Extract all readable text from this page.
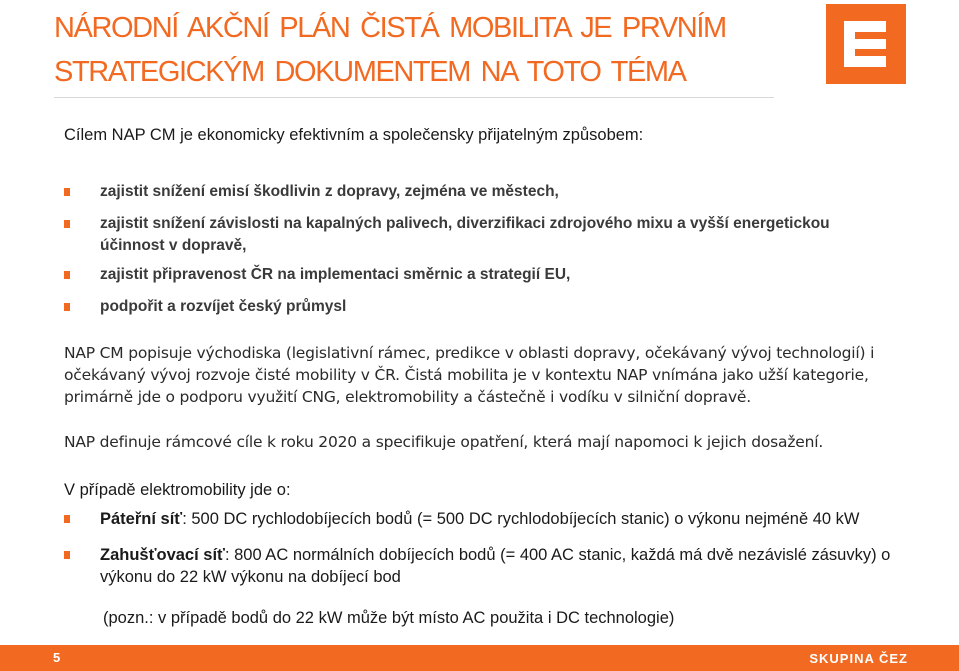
NÁRODNÍ AKČNÍ PLÁN ČISTÁ MOBILITA JE PRVNÍM STRATEGICKÝM DOKUMENTEM NA TOTO TÉMA
Cílem NAP CM je ekonomicky efektivním a společensky přijatelným způsobem:
zajistit snížení emisí škodlivin z dopravy, zejména ve městech,
zajistit snížení závislosti na kapalných palivech, diverzifikaci zdrojového mixu a vyšší energetickou účinnost v dopravě,
zajistit připravenost ČR na implementaci směrnic a strategií EU,
podpořit a rozvíjet český průmysl
NAP CM popisuje východiska (legislativní rámec, predikce v oblasti dopravy, očekávaný vývoj technologií) i očekávaný vývoj rozvoje čisté mobility v ČR. Čistá mobilita je v kontextu NAP vnímána jako užší kategorie, primárně jde o podporu využití CNG, elektromobility a částečně i vodíku v silniční dopravě.
NAP definuje rámcové cíle k roku 2020 a specifikuje opatření, která mají napomoci k jejich dosažení.
V případě elektromobility jde o:
Páteřní síť: 500 DC rychlodobíjecích bodů (= 500 DC rychlodobíjecích stanic) o výkonu nejméně 40 kW
Zahušťovací síť: 800 AC normálních dobíjecích bodů (= 400 AC stanic, každá má dvě nezávislé zásuvky) o výkonu do 22 kW výkonu na dobíjecí bod
(pozn.: v případě bodů do 22 kW může být místo AC použita i DC technologie)
5	SKUPINA ČEZ
